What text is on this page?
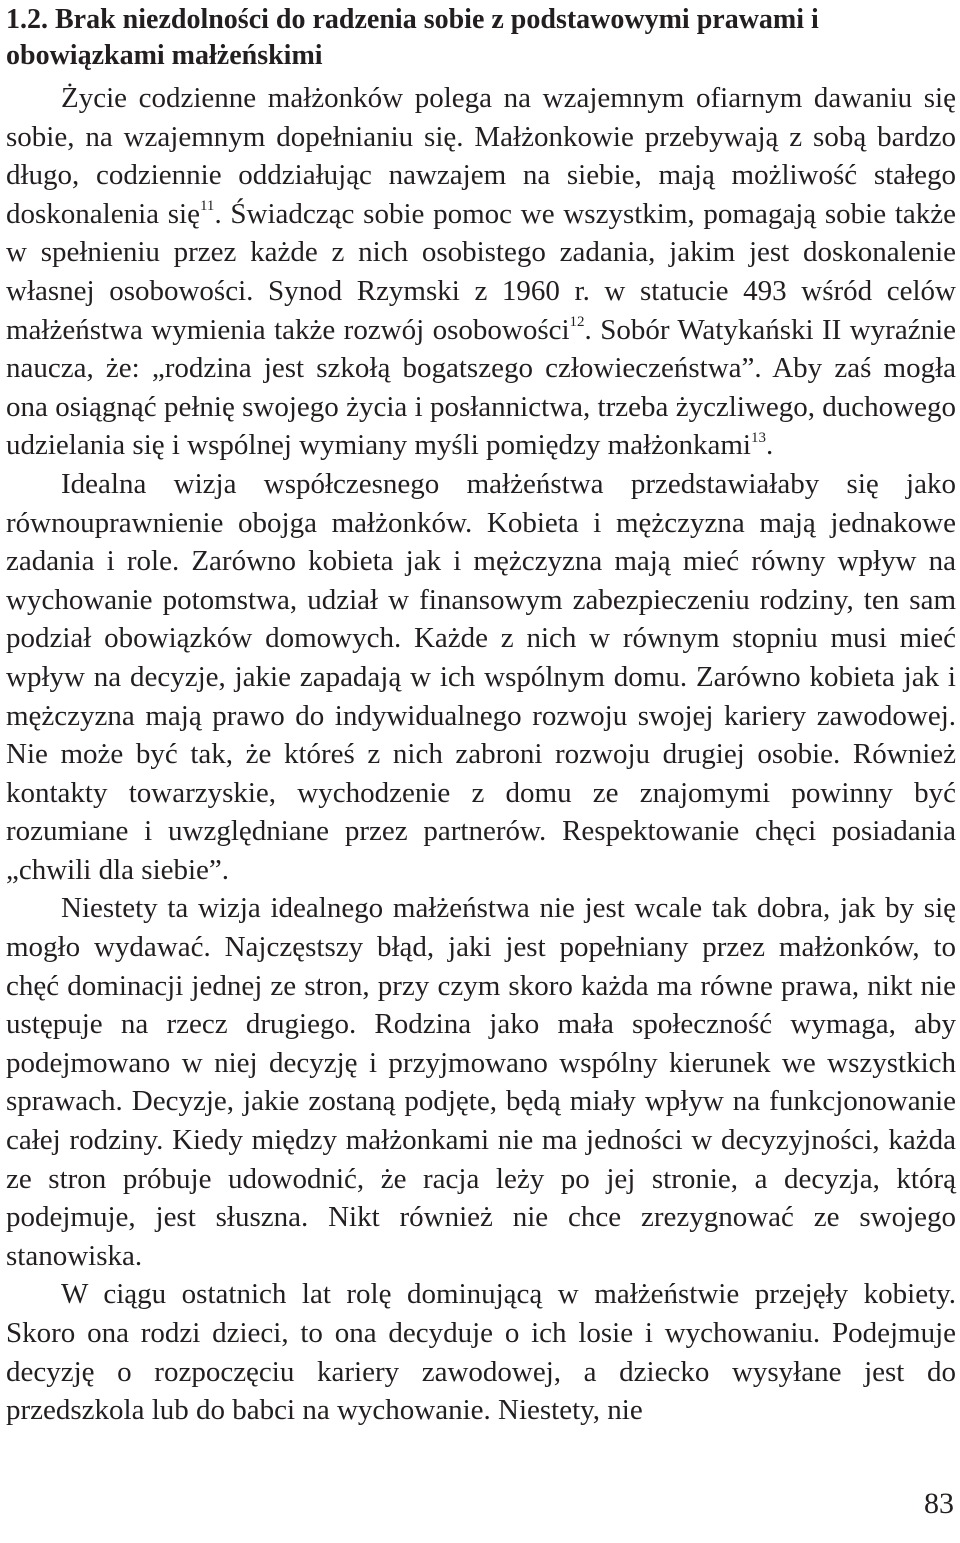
1.2. Brak niezdolności do radzenia sobie z podstawowymi prawami i obowiązkami małżeńskimi

Życie codzienne małżonków polega na wzajemnym ofiarnym dawaniu się sobie, na wzajemnym dopełnianiu się. Małżonkowie przebywają z sobą bardzo długo, codziennie oddziałując nawzajem na siebie, mają możliwość stałego doskonalenia się$^{11}$. Świadcząc sobie pomoc we wszystkim, pomagają sobie także w spełnieniu przez każde z nich osobistego zadania, jakim jest doskonalenie własnej osobowości. Synod Rzymski z 1960 r. w statucie 493 wśród celów małżeństwa wymienia także rozwój osobowości$^{12}$. Sobór Watykański II wyraźnie naucza, że: „rodzina jest szkołą bogatszego człowieczeństwa”. Aby zaś mogła ona osiągnąć pełnię swojego życia i posłannictwa, trzeba życzliwego, duchowego udzielania się i wspólnej wymiany myśli pomiędzy małżonkami$^{13}$.

Idealna wizja współczesnego małżeństwa przedstawiałaby się jako równouprawnienie obojga małżonków. Kobieta i mężczyzna mają jednakowe zadania i role. Zarówno kobieta jak i mężczyzna mają mieć równy wpływ na wychowanie potomstwa, udział w finansowym zabezpieczeniu rodziny, ten sam podział obowiązków domowych. Każde z nich w równym stopniu musi mieć wpływ na decyzje, jakie zapadają w ich wspólnym domu. Zarówno kobieta jak i mężczyzna mają prawo do indywidualnego rozwoju swojej kariery zawodowej. Nie może być tak, że któreś z nich zabroni rozwoju drugiej osobie. Również kontakty towarzyskie, wychodzenie z domu ze znajomymi powinny być rozumiane i uwzględniane przez partnerów. Respektowanie chęci posiadania „chwili dla siebie”.

Niestety ta wizja idealnego małżeństwa nie jest wcale tak dobra, jak by się mogło wydawać. Najczęstszy błąd, jaki jest popełniany przez małżonków, to chęć dominacji jednej ze stron, przy czym skoro każda ma równe prawa, nikt nie ustępuje na rzecz drugiego. Rodzina jako mała społeczność wymaga, aby podejmowano w niej decyzję i przyjmowano wspólny kierunek we wszystkich sprawach. Decyzje, jakie zostaną podjęte, będą miały wpływ na funkcjonowanie całej rodziny. Kiedy między małżonkami nie ma jedności w decyzyjności, każda ze stron próbuje udowodnić, że racja leży po jej stronie, a decyzja, którą podejmuje, jest słuszna. Nikt również nie chce zrezygnować ze swojego stanowiska.

W ciągu ostatnich lat rolę dominującą w małżeństwie przejęły kobiety. Skoro ona rodzi dzieci, to ona decyduje o ich losie i wychowaniu. Podejmuje decyzję o rozpoczęciu kariery zawodowej, a dziecko wysyłane jest do przedszkola lub do babci na wychowanie. Niestety, nie

83
